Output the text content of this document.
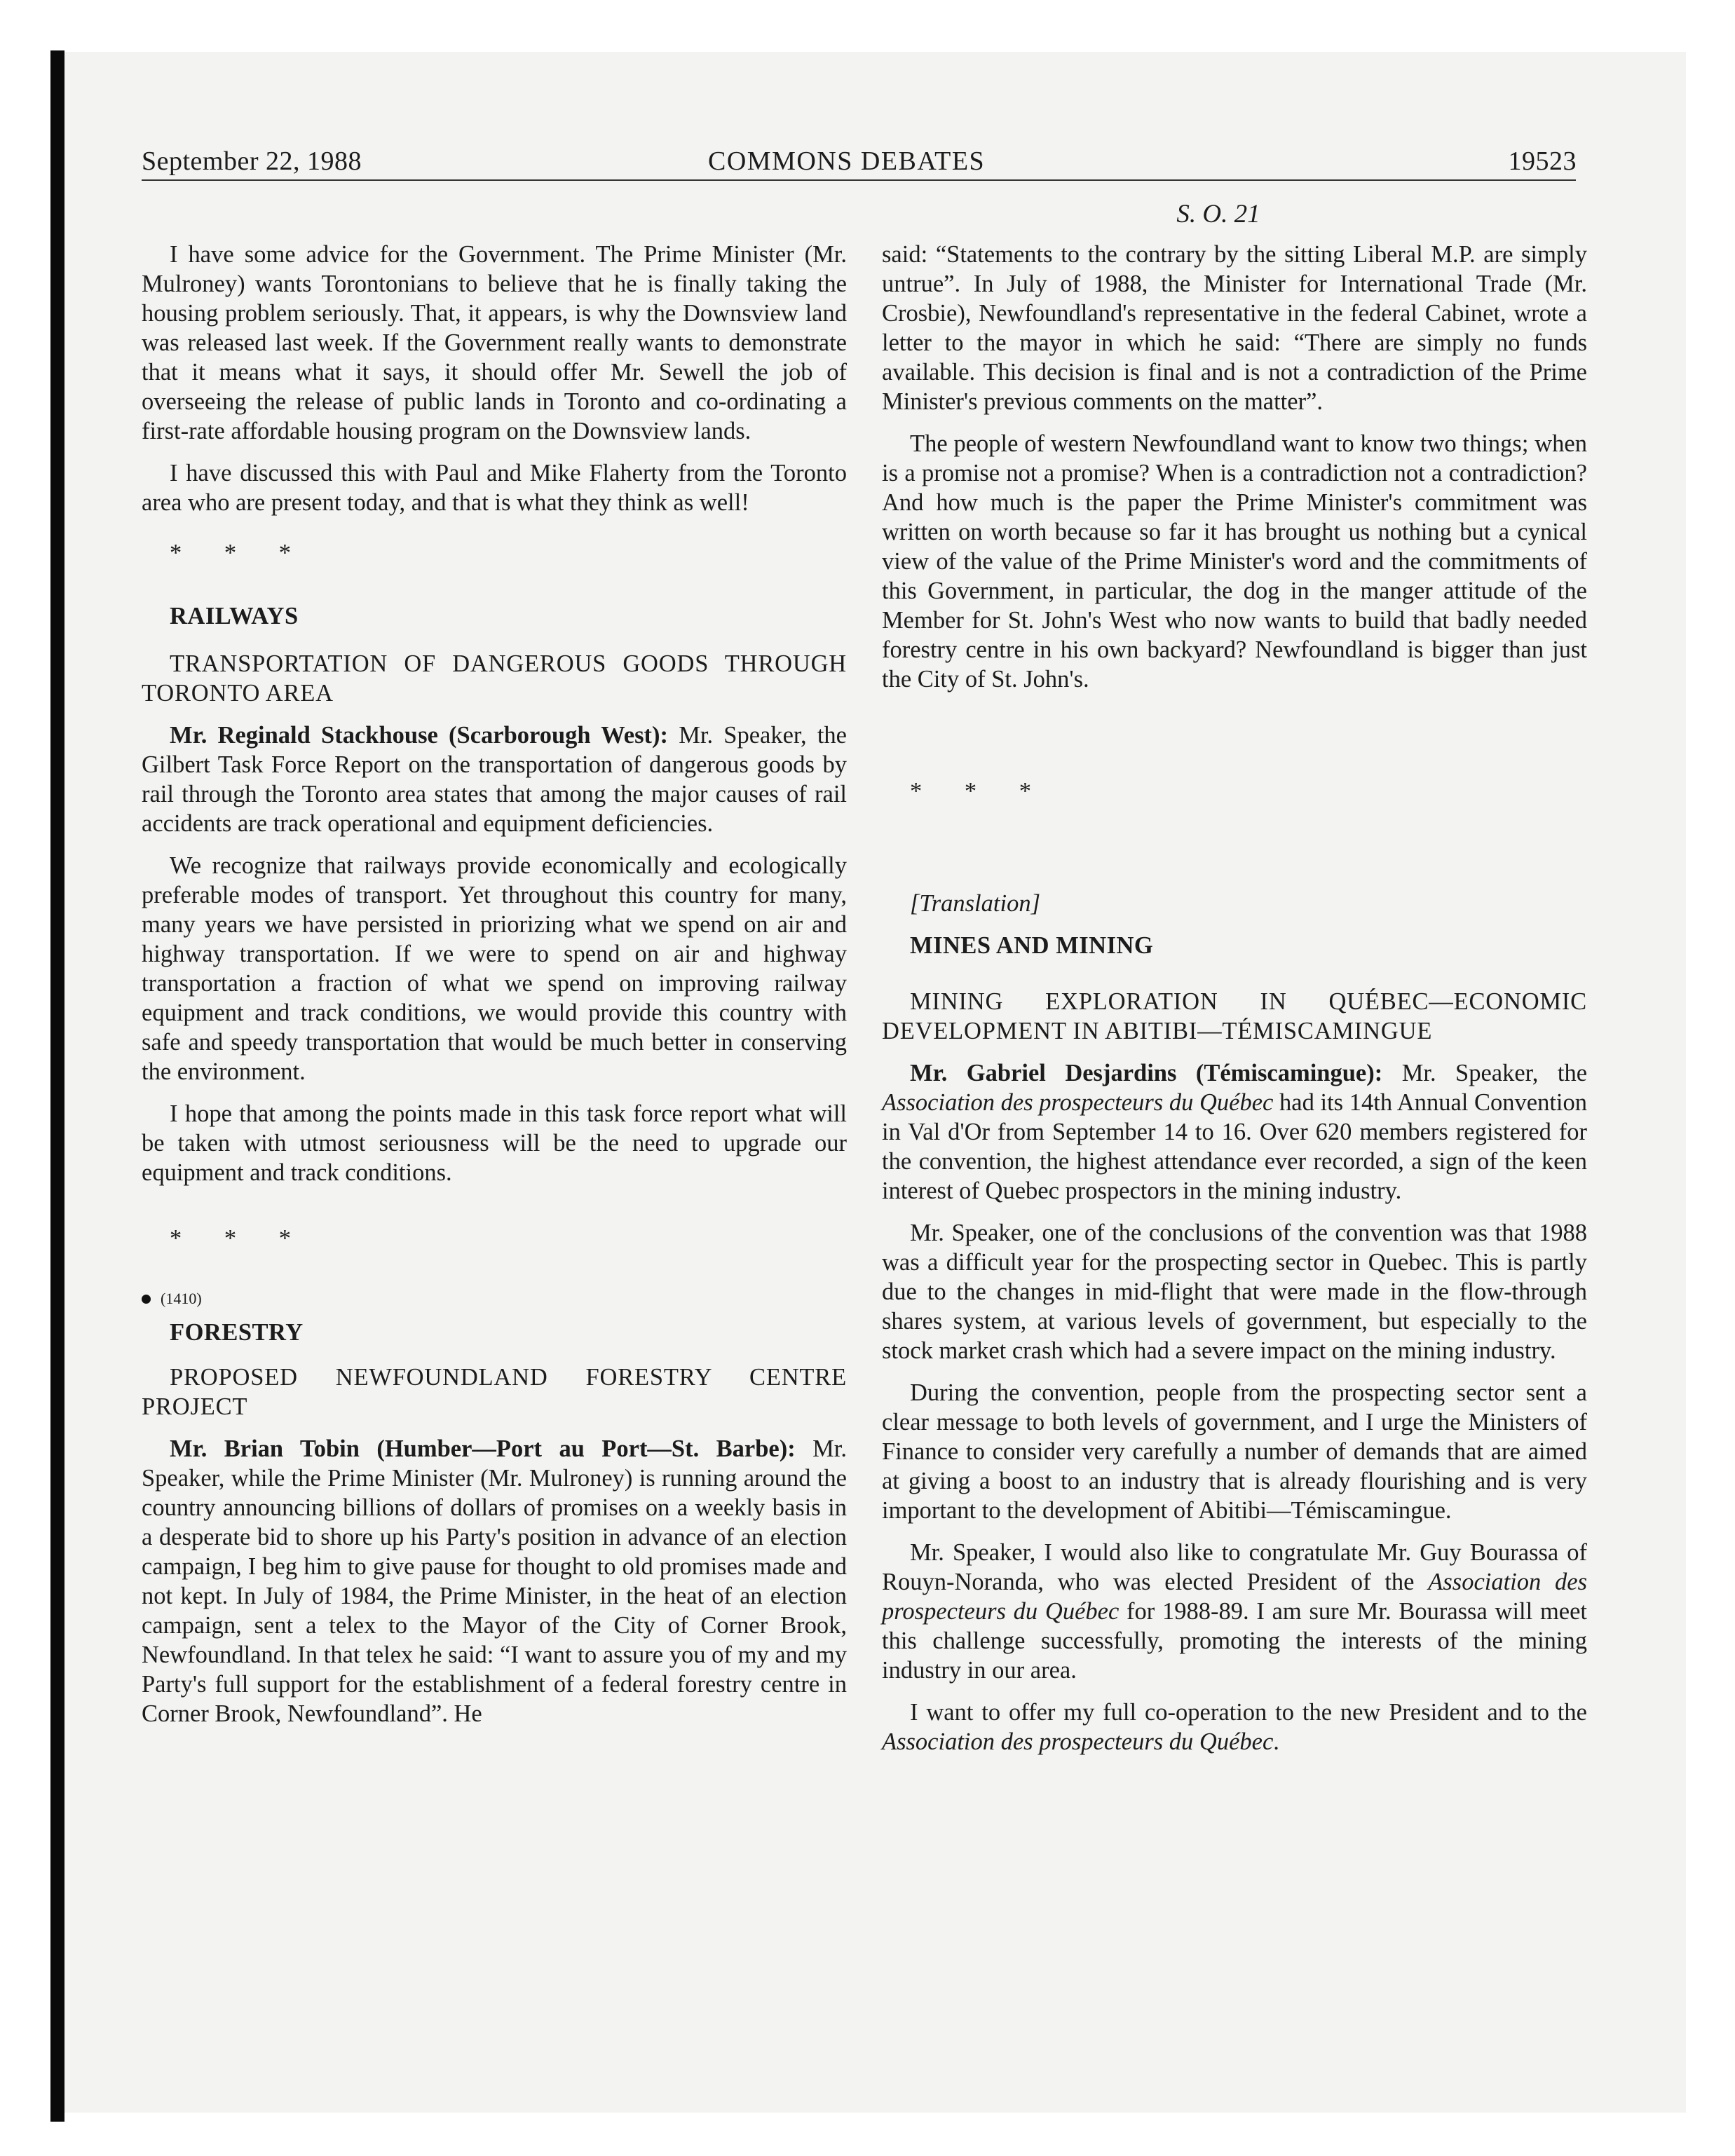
September 22, 1988	COMMONS DEBATES	19523
S. O. 21

I have some advice for the Government. The Prime Minister (Mr. Mulroney) wants Torontonians to believe that he is finally taking the housing problem seriously. That, it appears, is why the Downsview land was released last week. If the Government really wants to demonstrate that it means what it says, it should offer Mr. Sewell the job of overseeing the release of public lands in Toronto and co-ordinating a first-rate affordable housing program on the Downsview lands.

I have discussed this with Paul and Mike Flaherty from the Toronto area who are present today, and that is what they think as well!

* * *

RAILWAYS

TRANSPORTATION OF DANGEROUS GOODS THROUGH TORONTO AREA

Mr. Reginald Stackhouse (Scarborough West): Mr. Speaker, the Gilbert Task Force Report on the transportation of dangerous goods by rail through the Toronto area states that among the major causes of rail accidents are track operational and equipment deficiencies.

We recognize that railways provide economically and ecologically preferable modes of transport. Yet throughout this country for many, many years we have persisted in priorizing what we spend on air and highway transportation. If we were to spend on air and highway transportation a fraction of what we spend on improving railway equipment and track conditions, we would provide this country with safe and speedy transportation that would be much better in conserving the environment.

I hope that among the points made in this task force report what will be taken with utmost seriousness will be the need to upgrade our equipment and track conditions.

* * *

(1410)

FORESTRY

PROPOSED NEWFOUNDLAND FORESTRY CENTRE PROJECT

Mr. Brian Tobin (Humber—Port au Port—St. Barbe): Mr. Speaker, while the Prime Minister (Mr. Mulroney) is running around the country announcing billions of dollars of promises on a weekly basis in a desperate bid to shore up his Party's position in advance of an election campaign, I beg him to give pause for thought to old promises made and not kept. In July of 1984, the Prime Minister, in the heat of an election campaign, sent a telex to the Mayor of the City of Corner Brook, Newfoundland. In that telex he said: “I want to assure you of my and my Party's full support for the establishment of a federal forestry centre in Corner Brook, Newfoundland”. He

said: “Statements to the contrary by the sitting Liberal M.P. are simply untrue”. In July of 1988, the Minister for International Trade (Mr. Crosbie), Newfoundland's representative in the federal Cabinet, wrote a letter to the mayor in which he said: “There are simply no funds available. This decision is final and is not a contradiction of the Prime Minister's previous comments on the matter”.

The people of western Newfoundland want to know two things; when is a promise not a promise? When is a contradiction not a contradiction? And how much is the paper the Prime Minister's commitment was written on worth because so far it has brought us nothing but a cynical view of the value of the Prime Minister's word and the commitments of this Government, in particular, the dog in the manger attitude of the Member for St. John's West who now wants to build that badly needed forestry centre in his own backyard? Newfoundland is bigger than just the City of St. John's.

* * *

[Translation]

MINES AND MINING

MINING EXPLORATION IN QUÉBEC—ECONOMIC DEVELOPMENT IN ABITIBI—TÉMISCAMINGUE

Mr. Gabriel Desjardins (Témiscamingue): Mr. Speaker, the Association des prospecteurs du Québec had its 14th Annual Convention in Val d'Or from September 14 to 16. Over 620 members registered for the convention, the highest attendance ever recorded, a sign of the keen interest of Quebec prospectors in the mining industry.

Mr. Speaker, one of the conclusions of the convention was that 1988 was a difficult year for the prospecting sector in Quebec. This is partly due to the changes in mid-flight that were made in the flow-through shares system, at various levels of government, but especially to the stock market crash which had a severe impact on the mining industry.

During the convention, people from the prospecting sector sent a clear message to both levels of government, and I urge the Ministers of Finance to consider very carefully a number of demands that are aimed at giving a boost to an industry that is already flourishing and is very important to the development of Abitibi—Témiscamingue.

Mr. Speaker, I would also like to congratulate Mr. Guy Bourassa of Rouyn-Noranda, who was elected President of the Association des prospecteurs du Québec for 1988-89. I am sure Mr. Bourassa will meet this challenge successfully, promoting the interests of the mining industry in our area.

I want to offer my full co-operation to the new President and to the Association des prospecteurs du Québec.
